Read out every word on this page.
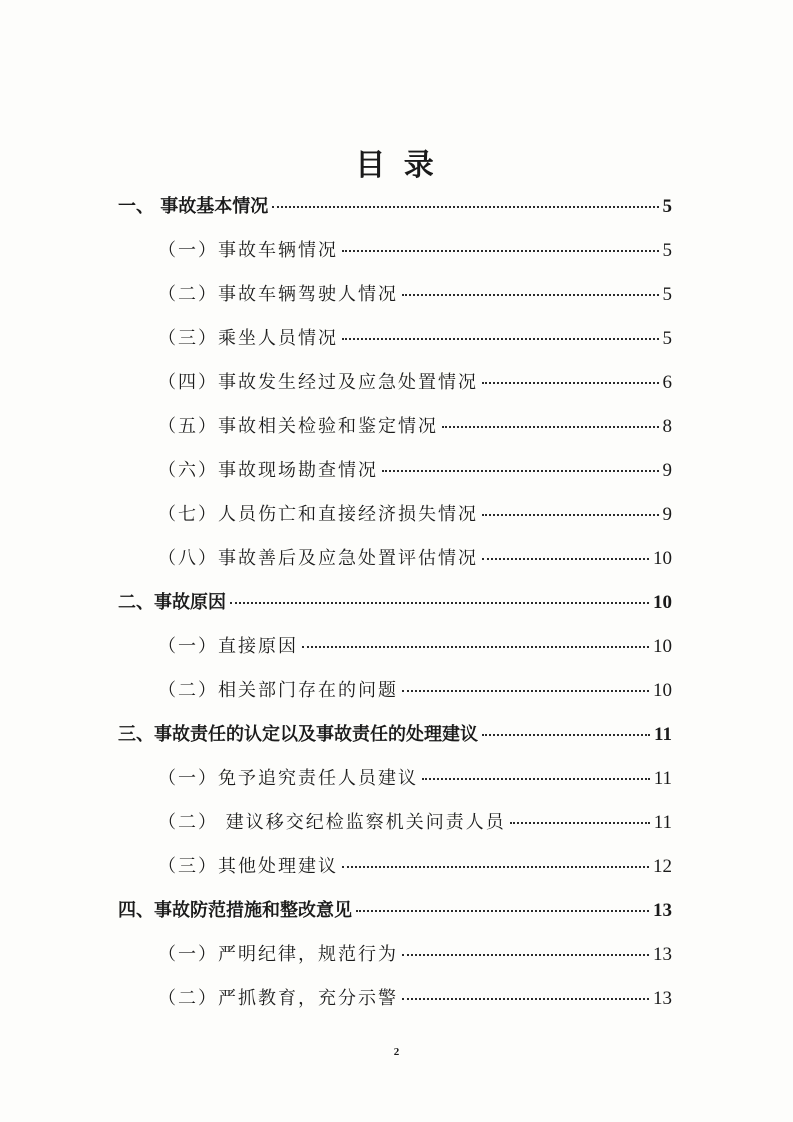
目 录
一、 事故基本情况	5
（一）事故车辆情况	5
（二）事故车辆驾驶人情况	5
（三）乘坐人员情况	5
（四）事故发生经过及应急处置情况	6
（五）事故相关检验和鉴定情况	8
（六）事故现场勘查情况	9
（七）人员伤亡和直接经济损失情况	9
（八）事故善后及应急处置评估情况	10
二、事故原因	10
（一）直接原因	10
（二）相关部门存在的问题	10
三、事故责任的认定以及事故责任的处理建议	11
（一）免予追究责任人员建议	11
（二） 建议移交纪检监察机关问责人员	11
（三）其他处理建议	12
四、事故防范措施和整改意见	13
（一）严明纪律，规范行为	13
（二）严抓教育，充分示警	13
2
